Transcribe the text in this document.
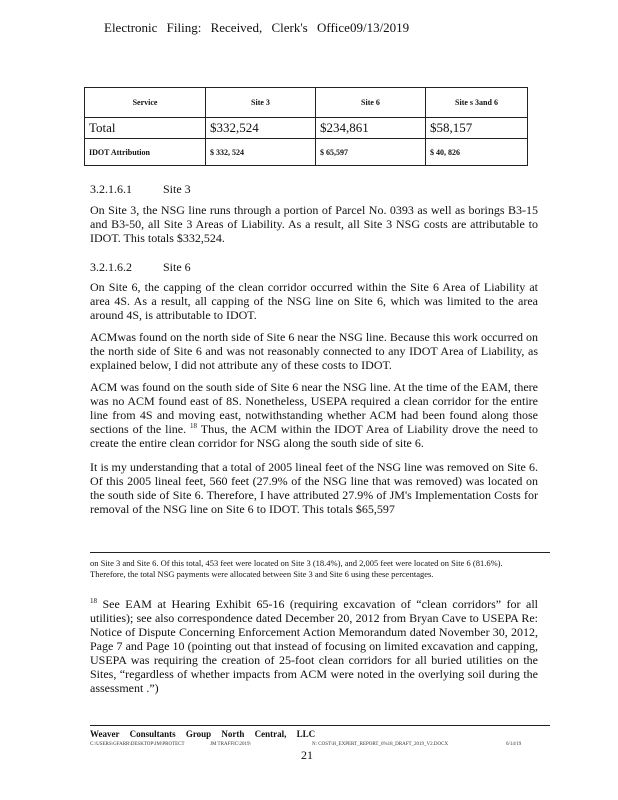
Electronic Filing: Received, Clerk's Office09/13/2019
Service	Site 3	Site 6	Site s 3and 6
Total	$332,524	$234,861	$58,157
IDOT Attribution	$ 332, 524	$ 65,597	$ 40, 826
3.2.1.6.1	Site 3

On Site 3, the NSG line runs through a portion of Parcel No. 0393 as well as borings B3-15 and B3-50, all Site 3 Areas of Liability. As a result, all Site 3 NSG costs are attributable to IDOT. This totals $332,524.

3.2.1.6.2	Site 6

On Site 6, the capping of the clean corridor occurred within the Site 6 Area of Liability at area 4S. As a result, all capping of the NSG line on Site 6, which was limited to the area around 4S, is attributable to IDOT.

ACMwas found on the north side of Site 6 near the NSG line. Because this work occurred on the north side of Site 6 and was not reasonably connected to any IDOT Area of Liability, as explained below, I did not attribute any of these costs to IDOT.

ACM was found on the south side of Site 6 near the NSG line. At the time of the EAM, there was no ACM found east of 8S. Nonetheless, USEPA required a clean corridor for the entire line from 4S and moving east, notwithstanding whether ACM had been found along those sections of the line. $^{18}$ Thus, the ACM within the IDOT Area of Liability drove the need to create the entire clean corridor for NSG along the south side of site 6.

It is my understanding that a total of 2005 lineal feet of the NSG line was removed on Site 6. Of this 2005 lineal feet, 560 feet (27.9% of the NSG line that was removed) was located on the south side of Site 6. Therefore, I have attributed 27.9% of JM's Implementation Costs for removal of the NSG line on Site 6 to IDOT. This totals $65,597

on Site 3 and Site 6. Of this total, 453 feet were located on Site 3 (18.4%), and 2,005 feet were located on Site 6 (81.6%). Therefore, the total NSG payments were allocated between Site 3 and Site 6 using these percentages.

$^{18}$ See EAM at Hearing Exhibit 65-16 (requiring excavation of “clean corridors” for all utilities); see also correspondence dated December 20, 2012 from Bryan Cave to USEPA Re: Notice of Dispute Concerning Enforcement Action Memorandum dated November 30, 2012, Page 7 and Page 10 (pointing out that instead of focusing on limited excavation and capping, USEPA was requiring the creation of 25-foot clean corridors for all buried utilities on the Sites, “regardless of whether impacts from ACM were noted in the overlying soil during the assessment .”)

Weaver Consultants Group North Central, LLC
C:\USERS\GFARR\DESKTOP\JM\PROTECT	JM TRAFFIC\2019\	N: COST\H_EXPERT_REPORT_6%18_DRAFT_2019_V2.DOCX	6/14/19
21
